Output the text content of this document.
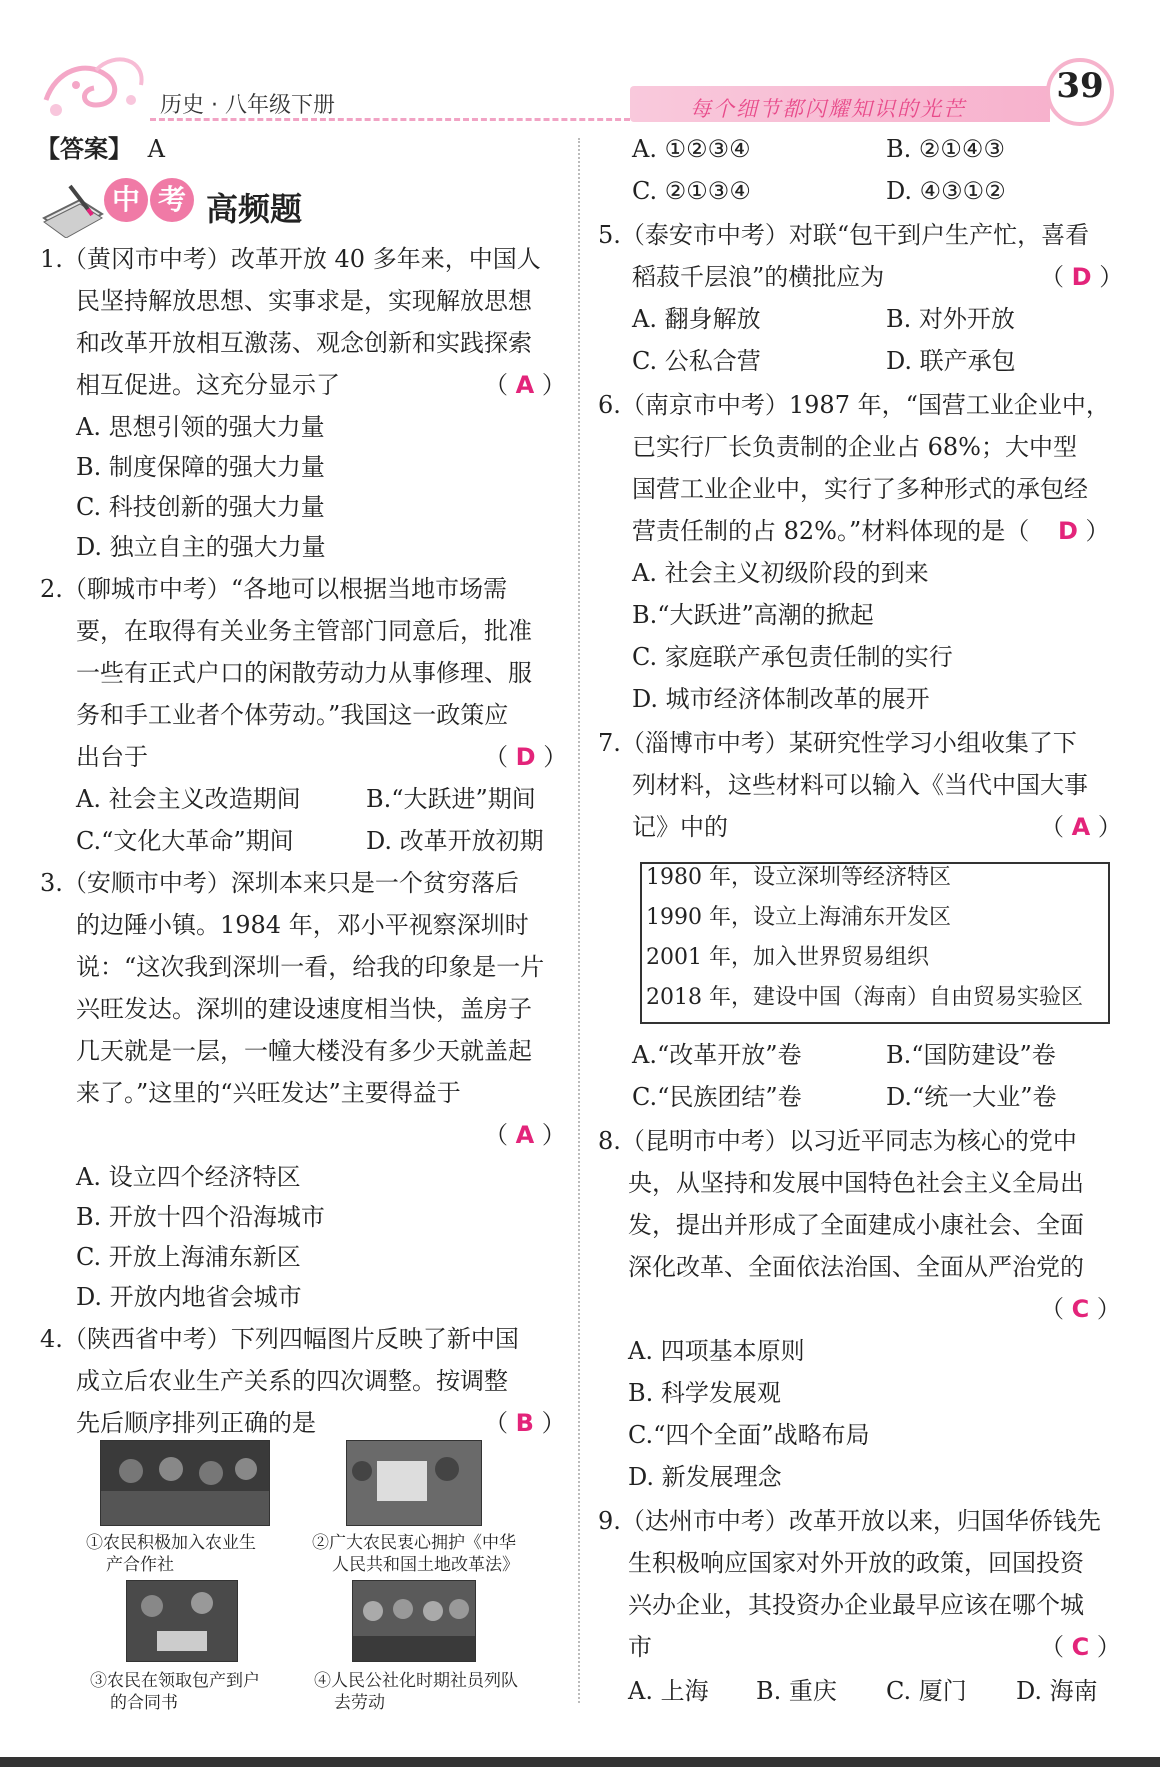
历史 · 八年级下册	每个细节都闪耀知识的光芒
39
【答案】 A
中 考 高频题
1.（黄冈市中考）改革开放 40 多年来，中国人
民坚持解放思想、实事求是，实现解放思想
和改革开放相互激荡、观念创新和实践探索
相互促进。这充分显示了	（ A ）
A. 思想引领的强大力量
B. 制度保障的强大力量
C. 科技创新的强大力量
D. 独立自主的强大力量
2.（聊城市中考）“各地可以根据当地市场需
要，在取得有关业务主管部门同意后，批准
一些有正式户口的闲散劳动力从事修理、服
务和手工业者个体劳动。”我国这一政策应
出台于	（ D ）
A. 社会主义改造期间	B.“大跃进”期间
C.“文化大革命”期间	D. 改革开放初期
3.（安顺市中考）深圳本来只是一个贫穷落后
的边陲小镇。1984 年，邓小平视察深圳时
说：“这次我到深圳一看，给我的印象是一片
兴旺发达。深圳的建设速度相当快，盖房子
几天就是一层，一幢大楼没有多少天就盖起
来了。”这里的“兴旺发达”主要得益于
（ A ）
A. 设立四个经济特区
B. 开放十四个沿海城市
C. 开放上海浦东新区
D. 开放内地省会城市
4.（陕西省中考）下列四幅图片反映了新中国
成立后农业生产关系的四次调整。按调整
先后顺序排列正确的是	（ B ）
①农民积极加入农业生
产合作社
②广大农民衷心拥护《中华
人民共和国土地改革法》
③农民在领取包产到户
的合同书
④人民公社化时期社员列队
去劳动
A. ①②③④	B. ②①④③
C. ②①③④	D. ④③①②
5.（泰安市中考）对联“包干到户生产忙，喜看
稻菽千层浪”的横批应为	（ D ）
A. 翻身解放	B. 对外开放
C. 公私合营	D. 联产承包
6.（南京市中考）1987 年，“国营工业企业中，
已实行厂长负责制的企业占 68%；大中型
国营工业企业中，实行了多种形式的承包经
营责任制的占 82%。”材料体现的是（ D ）
A. 社会主义初级阶段的到来
B.“大跃进”高潮的掀起
C. 家庭联产承包责任制的实行
D. 城市经济体制改革的展开
7.（淄博市中考）某研究性学习小组收集了下
列材料，这些材料可以输入《当代中国大事
记》中的	（ A ）
1980 年，设立深圳等经济特区
1990 年，设立上海浦东开发区
2001 年，加入世界贸易组织
2018 年，建设中国（海南）自由贸易实验区
A.“改革开放”卷	B.“国防建设”卷
C.“民族团结”卷	D.“统一大业”卷
8.（昆明市中考）以习近平同志为核心的党中
央，从坚持和发展中国特色社会主义全局出
发，提出并形成了全面建成小康社会、全面
深化改革、全面依法治国、全面从严治党的
（ C ）
A. 四项基本原则
B. 科学发展观
C.“四个全面”战略布局
D. 新发展理念
9.（达州市中考）改革开放以来，归国华侨钱先
生积极响应国家对外开放的政策，回国投资
兴办企业，其投资办企业最早应该在哪个城
市	（ C ）
A. 上海 B. 重庆 C. 厦门 D. 海南
